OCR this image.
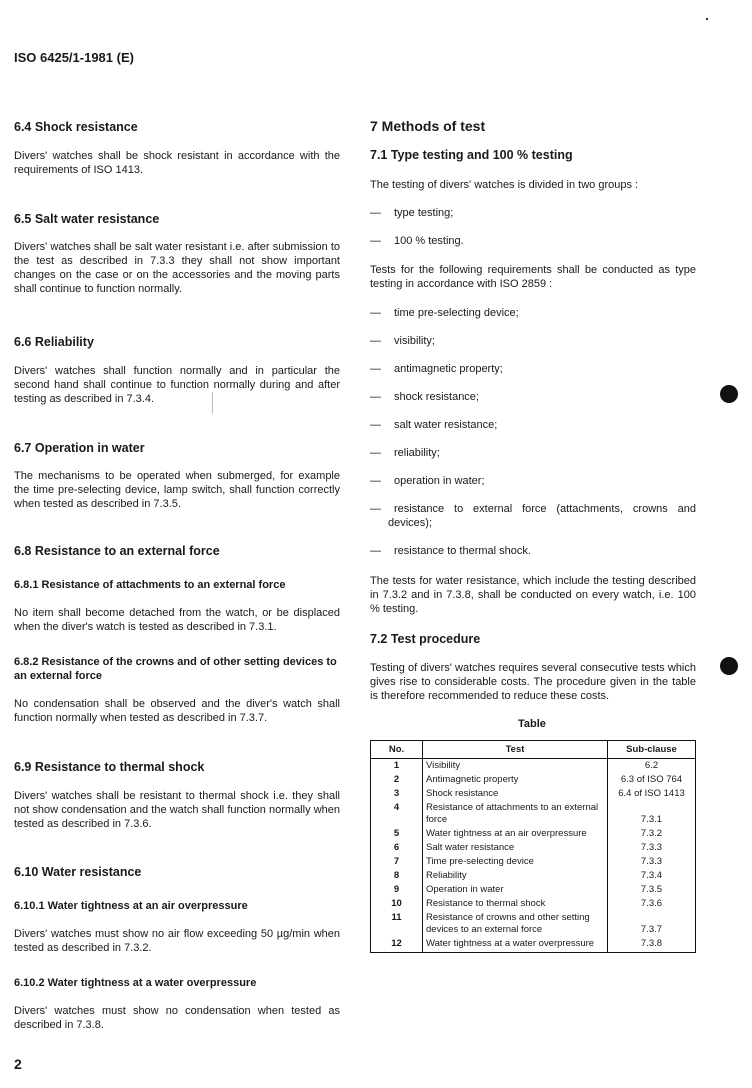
ISO 6425/1-1981 (E)
6.4 Shock resistance

Divers' watches shall be shock resistant in accordance with the requirements of ISO 1413.

6.5 Salt water resistance

Divers' watches shall be salt water resistant i.e. after submission to the test as described in 7.3.3 they shall not show important changes on the case or on the accessories and the moving parts shall continue to function normally.

6.6 Reliability

Divers' watches shall function normally and in particular the second hand shall continue to function normally during and after testing as described in 7.3.4.

6.7 Operation in water

The mechanisms to be operated when submerged, for example the time pre-selecting device, lamp switch, shall function correctly when tested as described in 7.3.5.

6.8 Resistance to an external force
6.8.1 Resistance of attachments to an external force

No item shall become detached from the watch, or be displaced when the diver's watch is tested as described in 7.3.1.

6.8.2 Resistance of the crowns and of other setting devices to an external force

No condensation shall be observed and the diver's watch shall function normally when tested as described in 7.3.7.

6.9 Resistance to thermal shock

Divers' watches shall be resistant to thermal shock i.e. they shall not show condensation and the watch shall function normally when tested as described in 7.3.6.

6.10 Water resistance
6.10.1 Water tightness at an air overpressure

Divers' watches must show no air flow exceeding 50 µg/min when tested as described in 7.3.2.

6.10.2 Water tightness at a water overpressure

Divers' watches must show no condensation when tested as described in 7.3.8.

7 Methods of test
7.1 Type testing and 100 % testing

The testing of divers' watches is divided in two groups :

— type testing;
— 100 % testing.

Tests for the following requirements shall be conducted as type testing in accordance with ISO 2859 :

— time pre-selecting device;
— visibility;
— antimagnetic property;
— shock resistance;
— salt water resistance;
— reliability;
— operation in water;
— resistance to external force (attachments, crowns and devices);
— resistance to thermal shock.

The tests for water resistance, which include the testing described in 7.3.2 and in 7.3.8, shall be conducted on every watch, i.e. 100 % testing.

7.2 Test procedure

Testing of divers' watches requires several consecutive tests which gives rise to considerable costs. The procedure given in the table is therefore recommended to reduce these costs.

Table
No.	Test	Sub-clause
1	Visibility	6.2
2	Antimagnetic property	6.3 of ISO 764
3	Shock resistance	6.4 of ISO 1413
4	Resistance of attachments to an external force	7.3.1
5	Water tightness at an air overpressure	7.3.2
6	Salt water resistance	7.3.3
7	Time pre-selecting device	7.3.3
8	Reliability	7.3.4
9	Operation in water	7.3.5
10	Resistance to thermal shock	7.3.6
11	Resistance of crowns and other setting devices to an external force	7.3.7
12	Water tightness at a water overpressure	7.3.8
2
